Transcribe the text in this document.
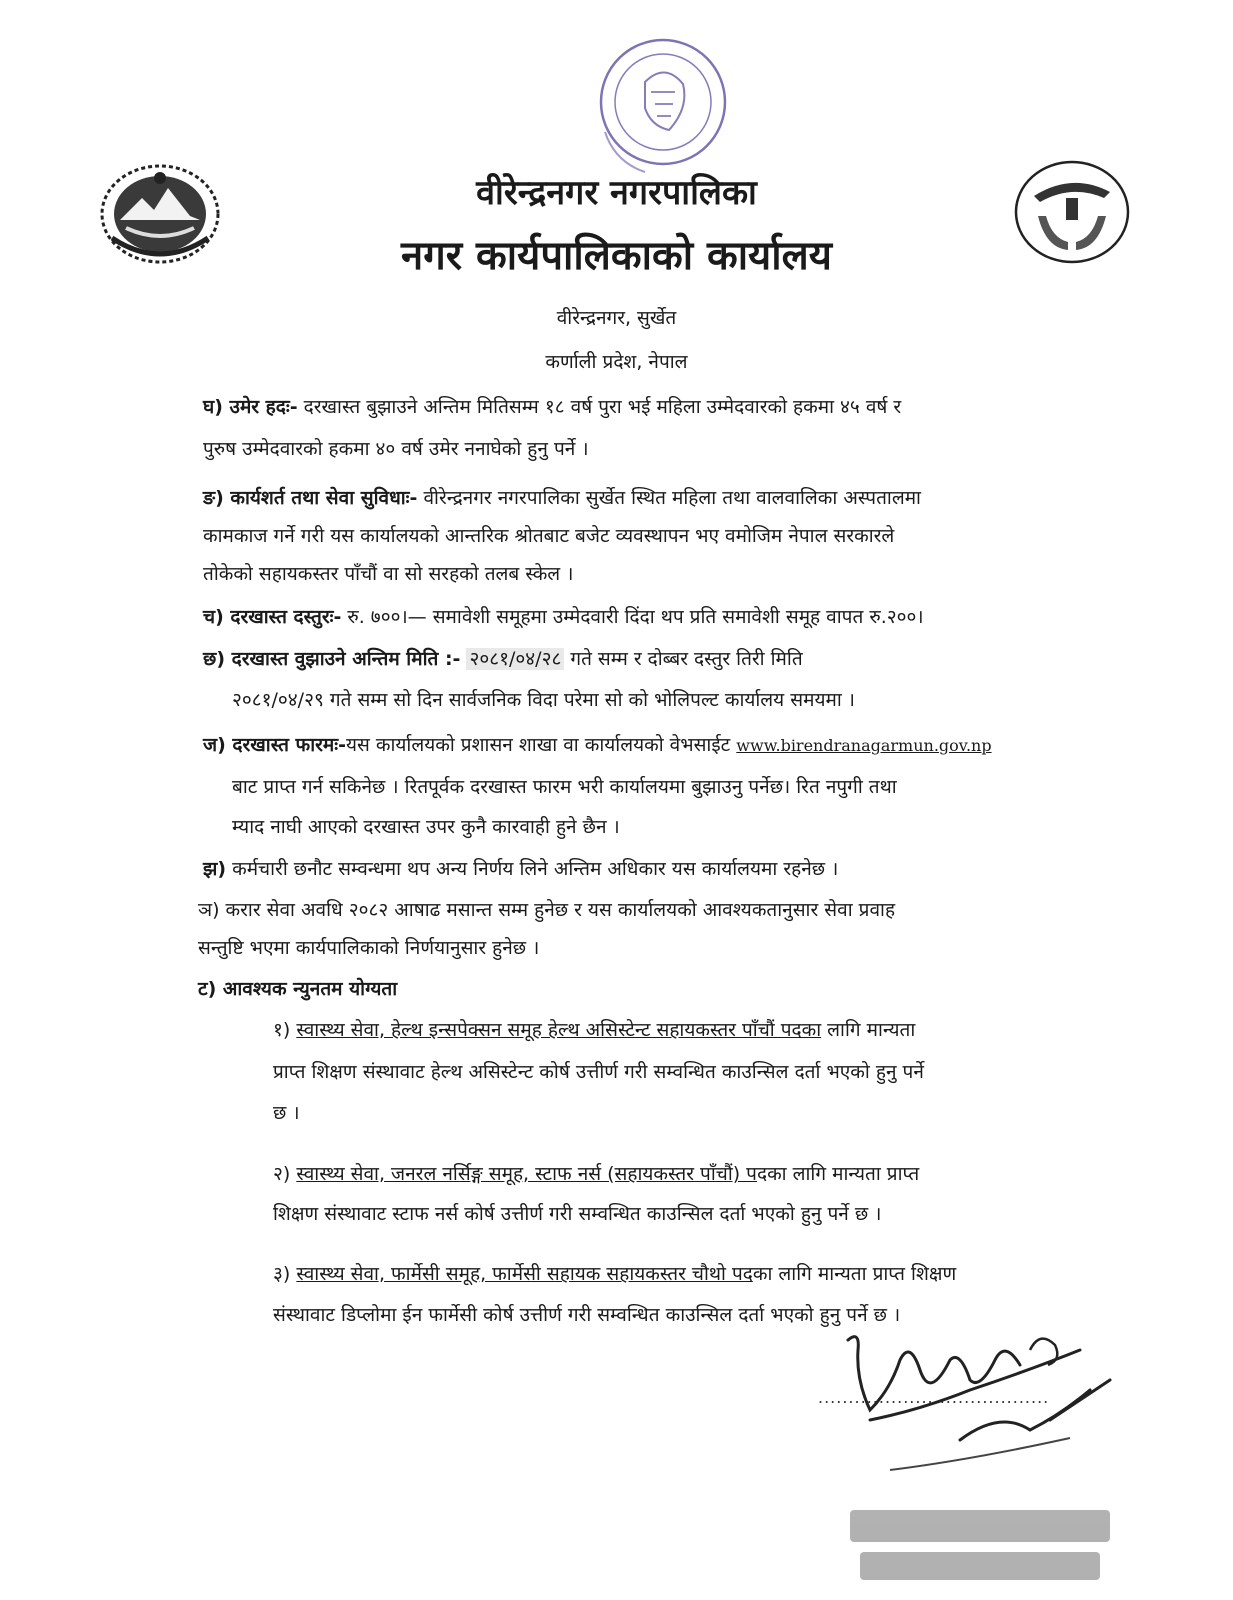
वीरेन्द्रनगर नगरपालिका
नगर कार्यपालिकाको कार्यालय
वीरेन्द्रनगर, सुर्खेत
कर्णाली प्रदेश, नेपाल
घ) उमेर हदः- दरखास्त बुझाउने अन्तिम मितिसम्म १८ वर्ष पुरा भई महिला उम्मेदवारको हकमा ४५ वर्ष र
पुरुष उम्मेदवारको हकमा ४० वर्ष उमेर ननाघेको हुनु पर्ने ।
ङ) कार्यशर्त तथा सेवा सुविधाः- वीरेन्द्रनगर नगरपालिका सुर्खेत स्थित महिला तथा वालवालिका अस्पतालमा
कामकाज गर्ने गरी यस कार्यालयको आन्तरिक श्रोतबाट बजेट व्यवस्थापन भए वमोजिम नेपाल सरकारले
तोकेको सहायकस्तर पाँचौं वा सो सरहको तलब स्केल ।
च) दरखास्त दस्तुरः- रु. ७००।— समावेशी समूहमा उम्मेदवारी दिंदा थप प्रति समावेशी समूह वापत रु.२००।
छ) दरखास्त वुझाउने अन्तिम मिति :- २०८१/०४/२८ गते सम्म र दोब्बर दस्तुर तिरी मिति
२०८१/०४/२९ गते सम्म सो दिन सार्वजनिक विदा परेमा सो को भोलिपल्ट कार्यालय समयमा ।
ज) दरखास्त फारमः-यस कार्यालयको प्रशासन शाखा वा कार्यालयको वेभसाईट www.birendranagarmun.gov.np
बाट प्राप्त गर्न सकिनेछ । रितपूर्वक दरखास्त फारम भरी कार्यालयमा बुझाउनु पर्नेछ। रित नपुगी तथा
म्याद नाघी आएको दरखास्त उपर कुनै कारवाही हुने छैन ।
झ) कर्मचारी छनौट सम्वन्धमा थप अन्य निर्णय लिने अन्तिम अधिकार यस कार्यालयमा रहनेछ ।
ञ) करार सेवा अवधि २०८२ आषाढ मसान्त सम्म हुनेछ र यस कार्यालयको आवश्यकतानुसार सेवा प्रवाह
सन्तुष्टि भएमा कार्यपालिकाको निर्णयानुसार हुनेछ ।
ट) आवश्यक न्युनतम योग्यता
१) स्वास्थ्य सेवा, हेल्थ इन्सपेक्सन समूह हेल्थ असिस्टेन्ट सहायकस्तर पाँचौं पदका लागि मान्यता
प्राप्त शिक्षण संस्थावाट हेल्थ असिस्टेन्ट कोर्ष उत्तीर्ण गरी सम्वन्धित काउन्सिल दर्ता भएको हुनु पर्ने
छ ।
२) स्वास्थ्य सेवा, जनरल नर्सिङ्ग समूह, स्टाफ नर्स (सहायकस्तर पाँचौं) पदका लागि मान्यता प्राप्त
शिक्षण संस्थावाट स्टाफ नर्स कोर्ष उत्तीर्ण गरी सम्वन्धित काउन्सिल दर्ता भएको हुनु पर्ने छ ।
३) स्वास्थ्य सेवा, फार्मेसी समूह, फार्मेसी सहायक सहायकस्तर चौथो पदका लागि मान्यता प्राप्त शिक्षण
संस्थावाट डिप्लोमा ईन फार्मेसी कोर्ष उत्तीर्ण गरी सम्वन्धित काउन्सिल दर्ता भएको हुनु पर्ने छ ।
......................................
